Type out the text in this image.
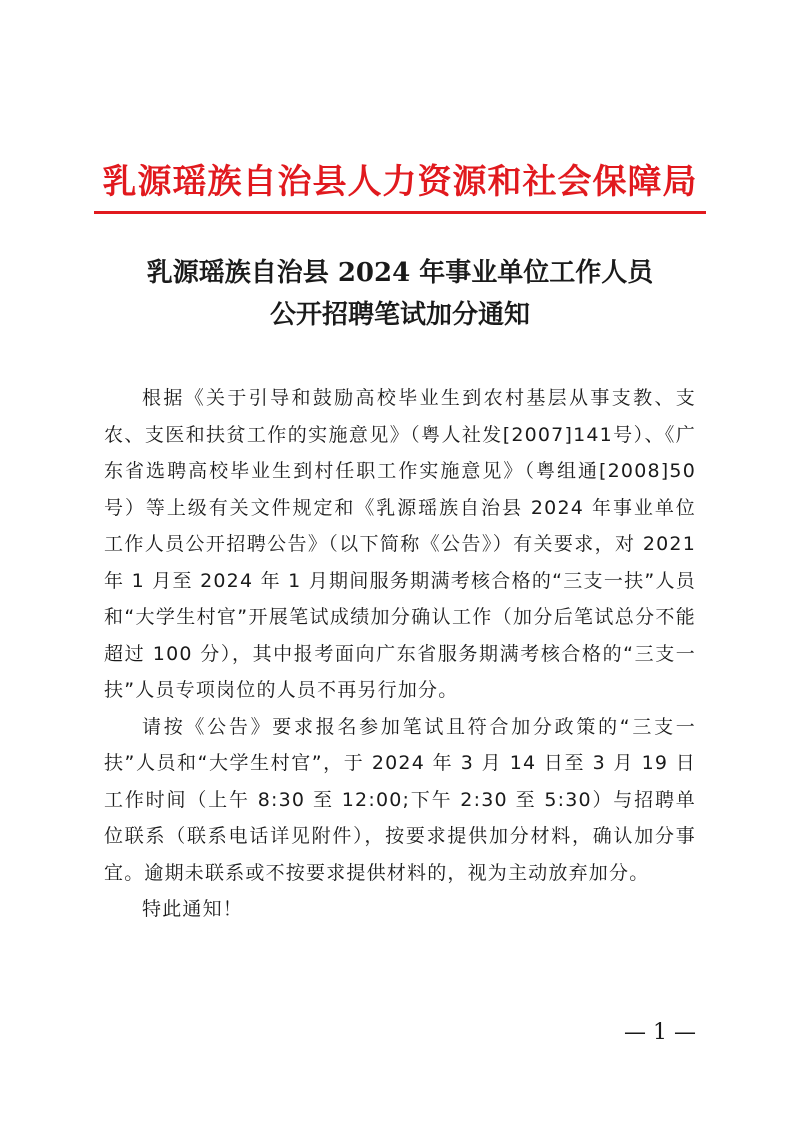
乳源瑶族自治县人力资源和社会保障局
乳源瑶族自治县 2024 年事业单位工作人员
公开招聘笔试加分通知

根据《关于引导和鼓励高校毕业生到农村基层从事支教、支农、支医和扶贫工作的实施意见》（粤人社发[2007]141号）、《广东省选聘高校毕业生到村任职工作实施意见》（粤组通[2008]50号）等上级有关文件规定和《乳源瑶族自治县 2024 年事业单位工作人员公开招聘公告》（以下简称《公告》）有关要求，对 2021 年 1 月至 2024 年 1 月期间服务期满考核合格的“三支一扶”人员和“大学生村官”开展笔试成绩加分确认工作（加分后笔试总分不能超过 100 分），其中报考面向广东省服务期满考核合格的“三支一扶”人员专项岗位的人员不再另行加分。

请按《公告》要求报名参加笔试且符合加分政策的“三支一扶”人员和“大学生村官”，于 2024 年 3 月 14 日至 3 月 19 日工作时间（上午 8:30 至 12:00;下午 2:30 至 5:30）与招聘单位联系（联系电话详见附件），按要求提供加分材料，确认加分事宜。逾期未联系或不按要求提供材料的，视为主动放弃加分。

特此通知！

— 1 —
